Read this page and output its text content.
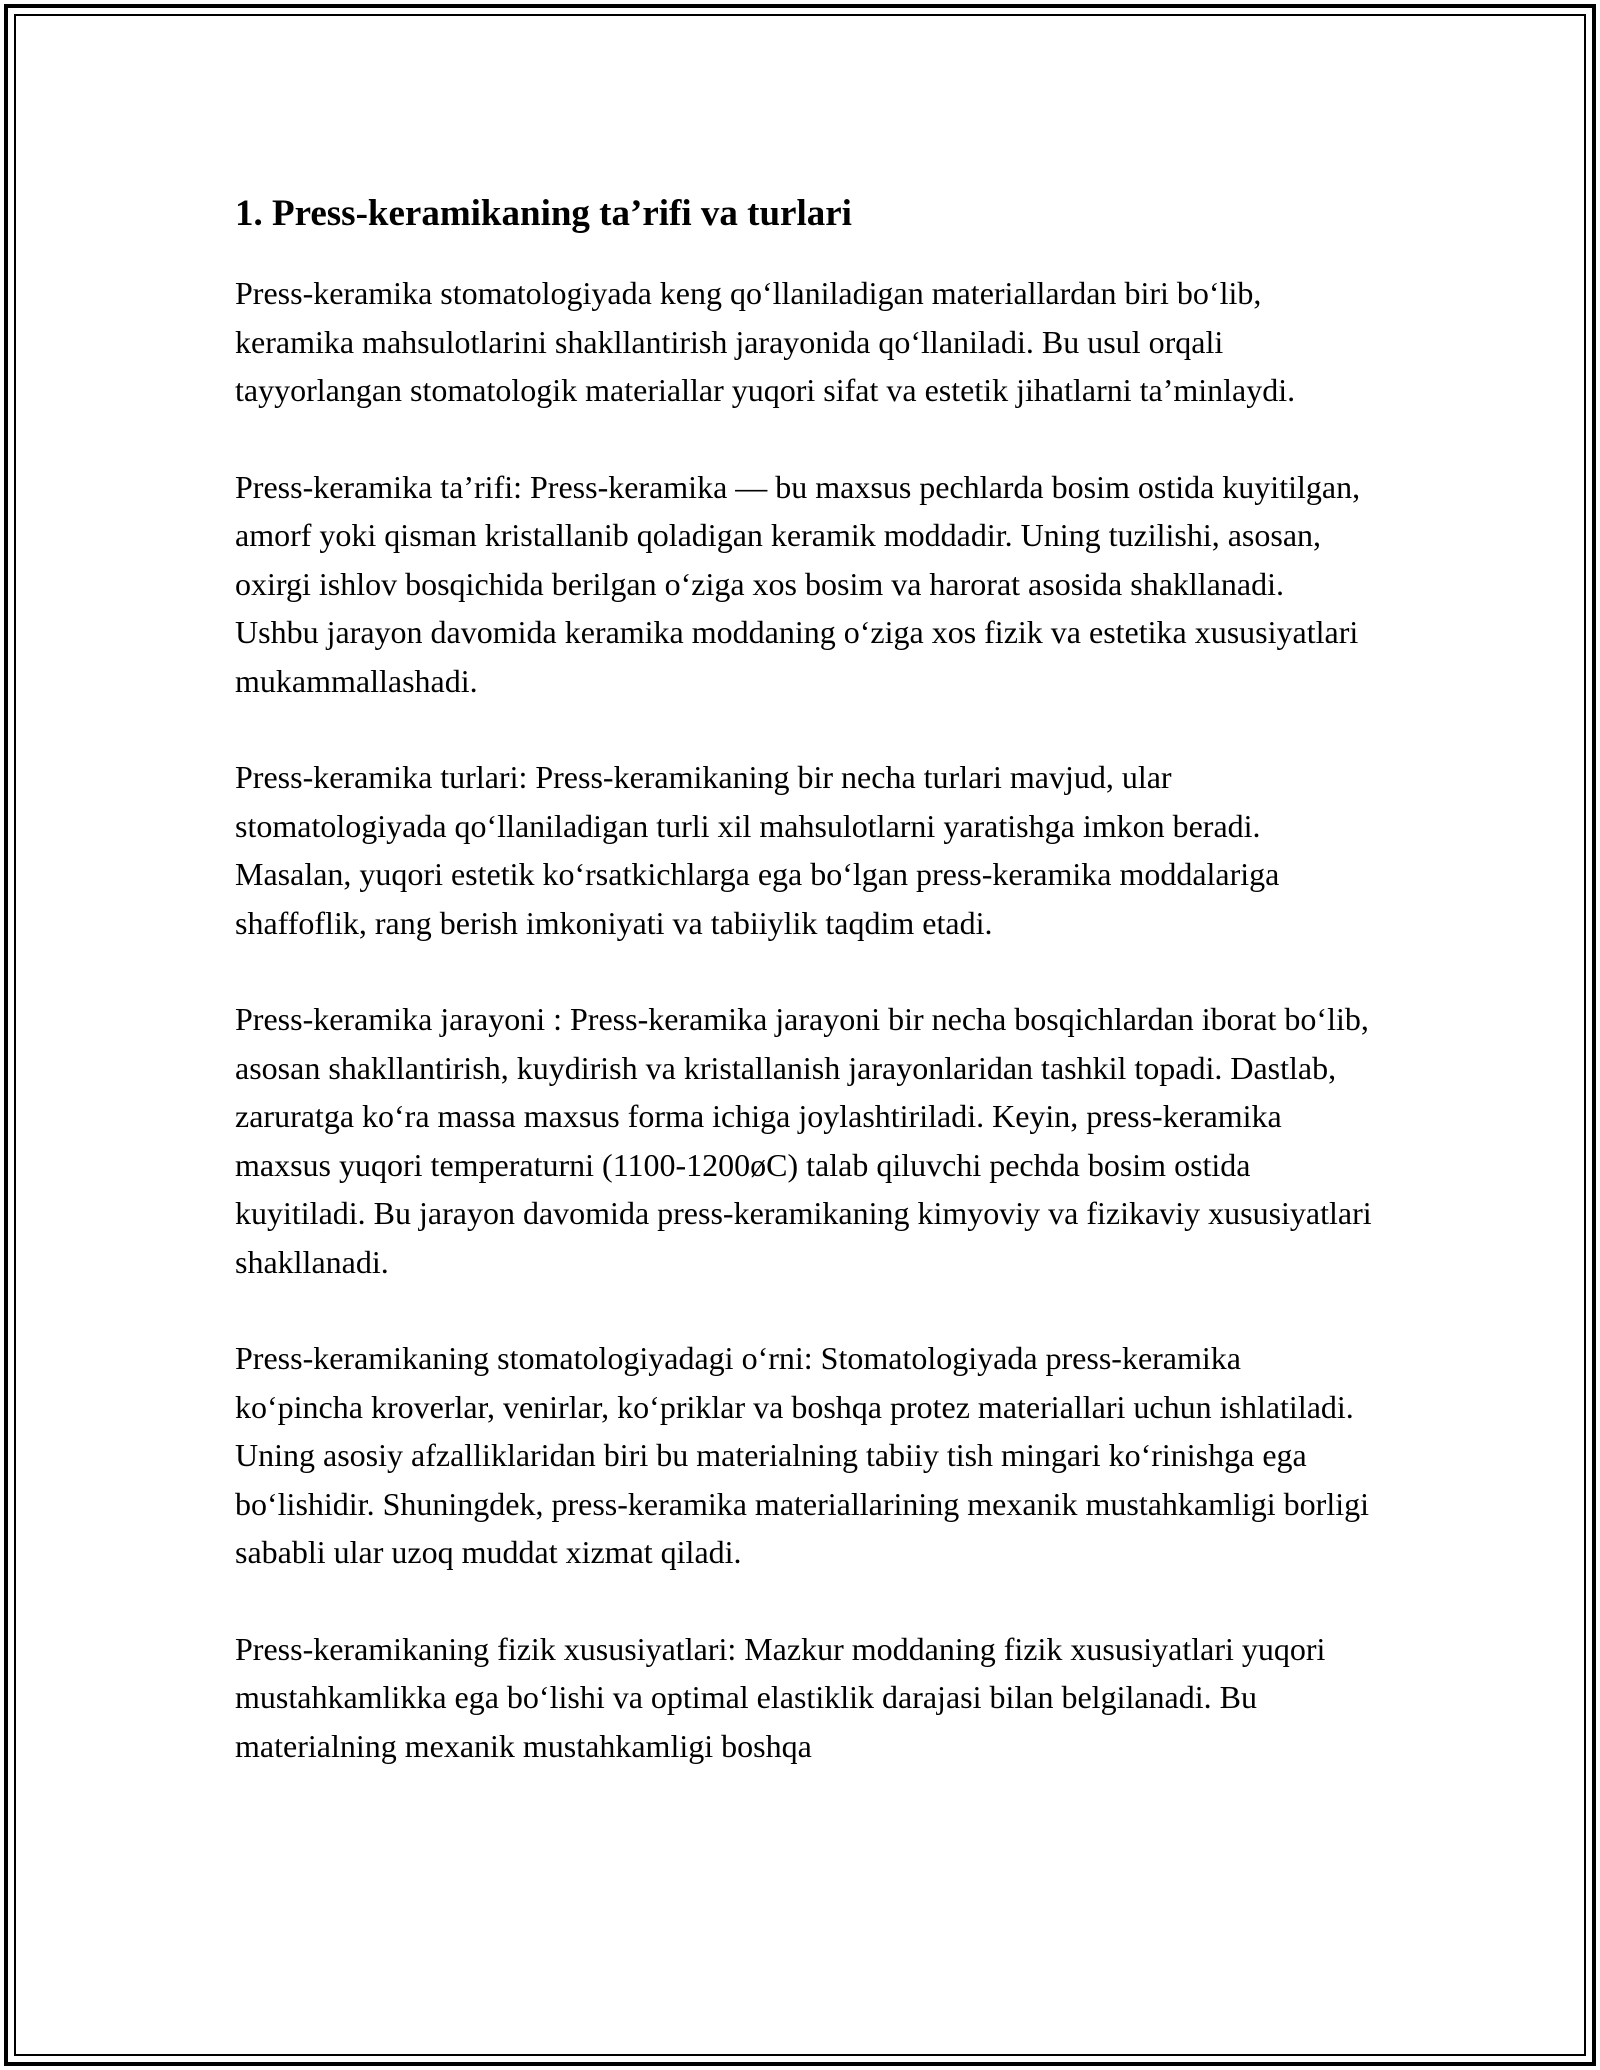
1. Press-keramikaning ta’rifi va turlari

Press-keramika stomatologiyada keng qo‘llaniladigan materiallardan biri bo‘lib, keramika mahsulotlarini shakllantirish jarayonida qo‘llaniladi. Bu usul orqali tayyorlangan stomatologik materiallar yuqori sifat va estetik jihatlarni ta’minlaydi.

Press-keramika ta’rifi: Press-keramika — bu maxsus pechlarda bosim ostida kuyitilgan, amorf yoki qisman kristallanib qoladigan keramik moddadir. Uning tuzilishi, asosan, oxirgi ishlov bosqichida berilgan o‘ziga xos bosim va harorat asosida shakllanadi. Ushbu jarayon davomida keramika moddaning o‘ziga xos fizik va estetika xususiyatlari mukammallashadi.

Press-keramika turlari: Press-keramikaning bir necha turlari mavjud, ular stomatologiyada qo‘llaniladigan turli xil mahsulotlarni yaratishga imkon beradi. Masalan, yuqori estetik ko‘rsatkichlarga ega bo‘lgan press-keramika moddalariga shaffoflik, rang berish imkoniyati va tabiiylik taqdim etadi.

Press-keramika jarayoni : Press-keramika jarayoni bir necha bosqichlardan iborat bo‘lib, asosan shakllantirish, kuydirish va kristallanish jarayonlaridan tashkil topadi. Dastlab, zaruratga ko‘ra massa maxsus forma ichiga joylashtiriladi. Keyin, press-keramika maxsus yuqori temperaturni (1100-1200øC) talab qiluvchi pechda bosim ostida kuyitiladi. Bu jarayon davomida press-keramikaning kimyoviy va fizikaviy xususiyatlari shakllanadi.

Press-keramikaning stomatologiyadagi o‘rni: Stomatologiyada press-keramika ko‘pincha kroverlar, venirlar, ko‘priklar va boshqa protez materiallari uchun ishlatiladi. Uning asosiy afzalliklaridan biri bu materialning tabiiy tish mingari ko‘rinishga ega bo‘lishidir. Shuningdek, press-keramika materiallarining mexanik mustahkamligi borligi sababli ular uzoq muddat xizmat qiladi.

Press-keramikaning fizik xususiyatlari: Mazkur moddaning fizik xususiyatlari yuqori mustahkamlikka ega bo‘lishi va optimal elastiklik darajasi bilan belgilanadi. Bu materialning mexanik mustahkamligi boshqa
